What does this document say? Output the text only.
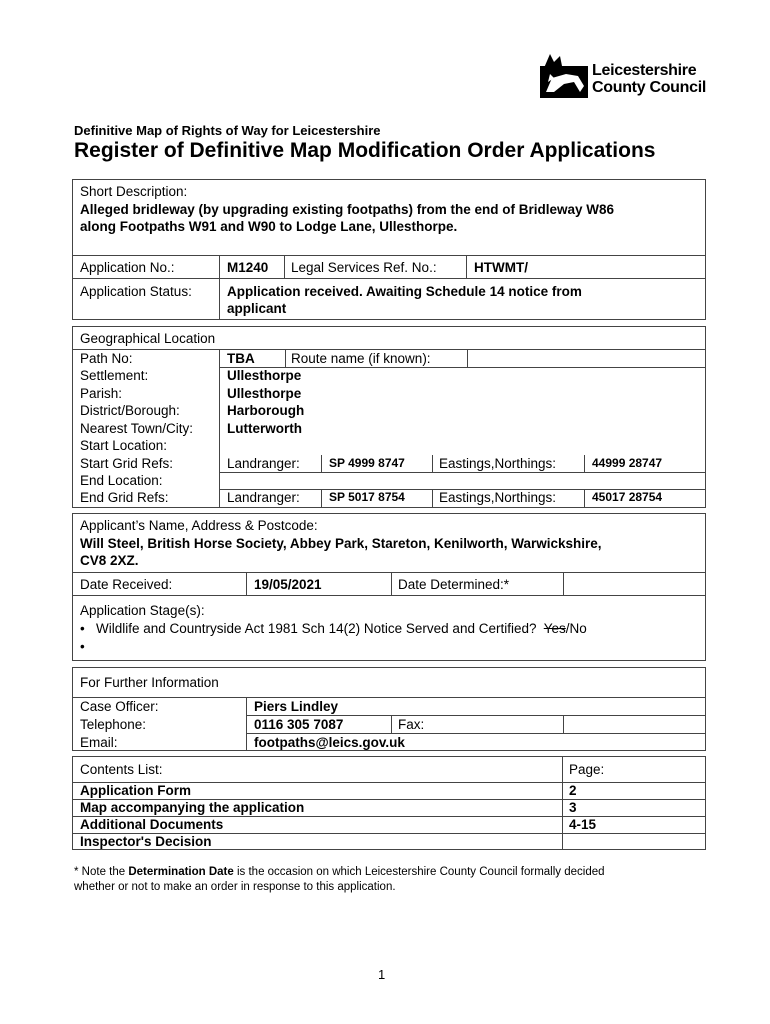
Leicestershire
County Council
Definitive Map of Rights of Way for Leicestershire
Register of Definitive Map Modification Order Applications
Short Description:
Alleged bridleway (by upgrading existing footpaths) from the end of Bridleway W86
along Footpaths W91 and W90 to Lodge Lane, Ullesthorpe.
Application No.:	M1240 Legal Services Ref. No.:	HTWMT/
Application Status:	Application received. Awaiting Schedule 14 notice from
applicant
Geographical Location
Path No:	TBA	Route name (if known):
Settlement:	Ullesthorpe
Parish:	Ullesthorpe
District/Borough:	Harborough
Nearest Town/City:	Lutterworth
Start Location:
Start Grid Refs:	Landranger: SP 4999 8747	Eastings,Northings:	44999 28747
End Location:
End Grid Refs:	Landranger: SP 5017 8754	Eastings,Northings:	45017 28754
Applicant’s Name, Address & Postcode:
Will Steel, British Horse Society, Abbey Park, Stareton, Kenilworth, Warwickshire,
CV8 2XZ.
Date Received:	19/05/2021	Date Determined:*
Application Stage(s):
• Wildlife and Countryside Act 1981 Sch 14(2) Notice Served and Certified? Yes/No
•
For Further Information
Case Officer:	Piers Lindley
Telephone:	0116 305 7087	Fax:
Email:	footpaths@leics.gov.uk
Contents List:	Page:
Application Form	2
Map accompanying the application	3
Additional Documents	4-15
Inspector's Decision
* Note the Determination Date is the occasion on which Leicestershire County Council formally decided
whether or not to make an order in response to this application.
1
